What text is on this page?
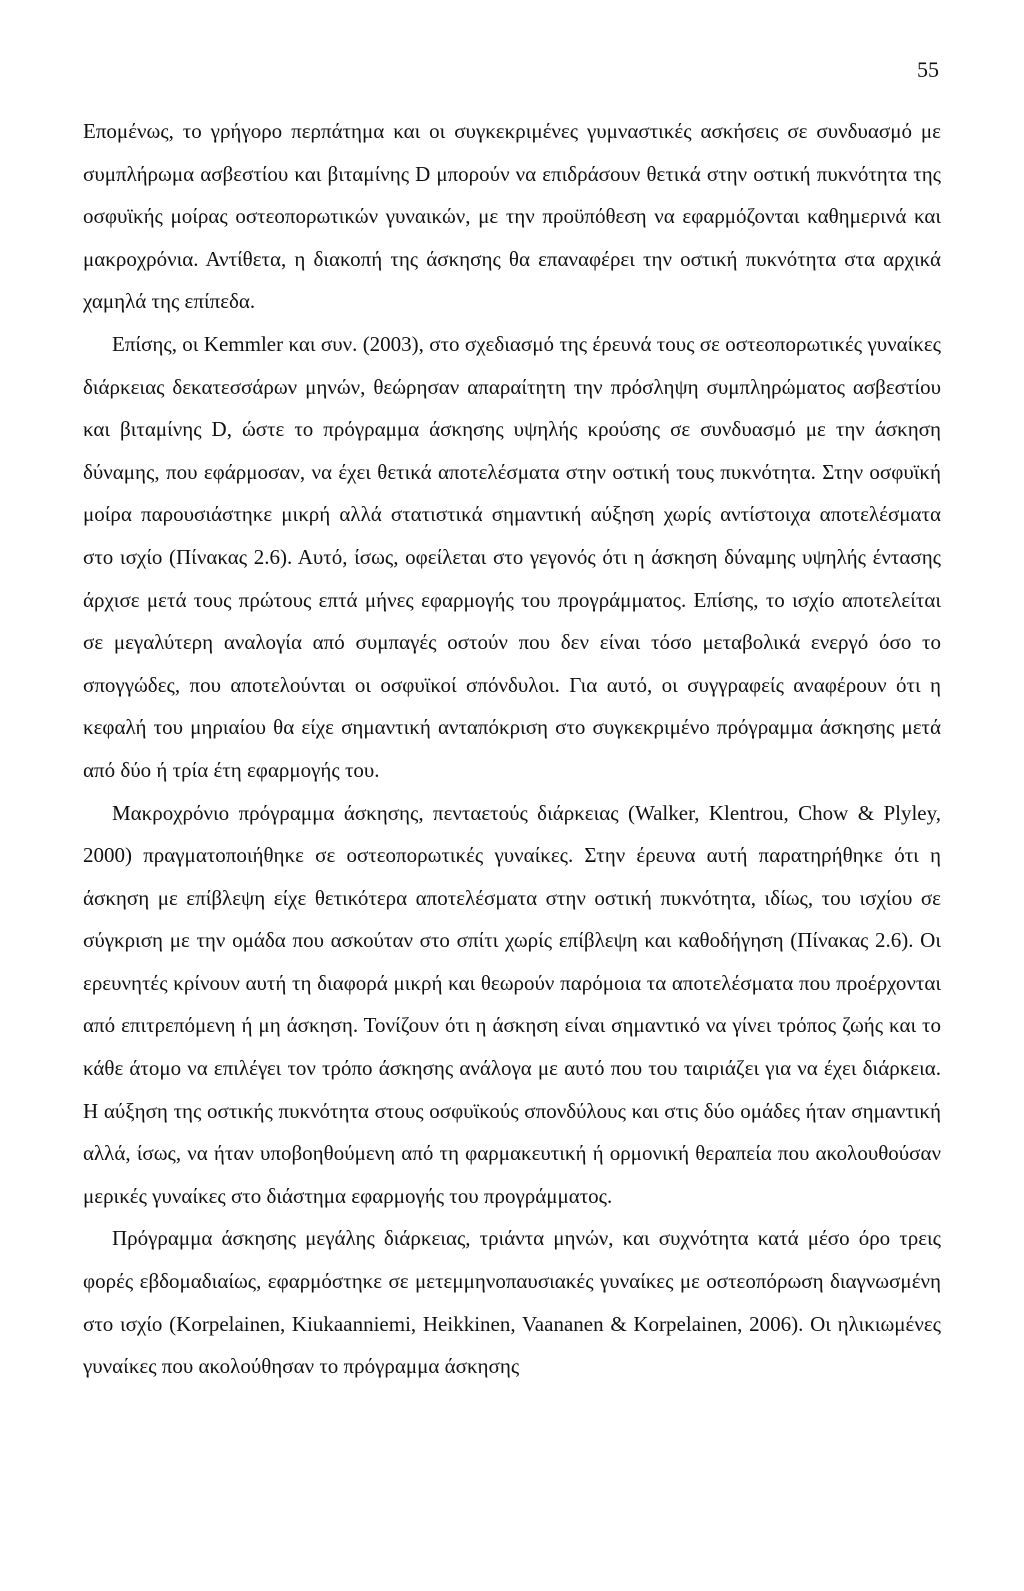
55

Επομένως, το γρήγορο περπάτημα και οι συγκεκριμένες γυμναστικές ασκήσεις σε συνδυασμό με συμπλήρωμα ασβεστίου και βιταμίνης D μπορούν να επιδράσουν θετικά στην οστική πυκνότητα της οσφυϊκής μοίρας οστεοπορωτικών γυναικών, με την προϋπόθεση να εφαρμόζονται καθημερινά και μακροχρόνια. Αντίθετα, η διακοπή της άσκησης θα επαναφέρει την οστική πυκνότητα στα αρχικά χαμηλά της επίπεδα.

Επίσης, οι Kemmler και συν. (2003), στο σχεδιασμό της έρευνά τους σε οστεοπορωτικές γυναίκες διάρκειας δεκατεσσάρων μηνών, θεώρησαν απαραίτητη την πρόσληψη συμπληρώματος ασβεστίου και βιταμίνης D, ώστε το πρόγραμμα άσκησης υψηλής κρούσης σε συνδυασμό με την άσκηση δύναμης, που εφάρμοσαν, να έχει θετικά αποτελέσματα στην οστική τους πυκνότητα. Στην οσφυϊκή μοίρα παρουσιάστηκε μικρή αλλά στατιστικά σημαντική αύξηση χωρίς αντίστοιχα αποτελέσματα στο ισχίο (Πίνακας 2.6). Αυτό, ίσως, οφείλεται στο γεγονός ότι η άσκηση δύναμης υψηλής έντασης άρχισε μετά τους πρώτους επτά μήνες εφαρμογής του προγράμματος. Επίσης, το ισχίο αποτελείται σε μεγαλύτερη αναλογία από συμπαγές οστούν που δεν είναι τόσο μεταβολικά ενεργό όσο το σπογγώδες, που αποτελούνται οι οσφυϊκοί σπόνδυλοι. Για αυτό, οι συγγραφείς αναφέρουν ότι η κεφαλή του μηριαίου θα είχε σημαντική ανταπόκριση στο συγκεκριμένο πρόγραμμα άσκησης μετά από δύο ή τρία έτη εφαρμογής του.

Μακροχρόνιο πρόγραμμα άσκησης, πενταετούς διάρκειας (Walker, Klentrou, Chow & Plyley, 2000) πραγματοποιήθηκε σε οστεοπορωτικές γυναίκες. Στην έρευνα αυτή παρατηρήθηκε ότι η άσκηση με επίβλεψη είχε θετικότερα αποτελέσματα στην οστική πυκνότητα, ιδίως, του ισχίου σε σύγκριση με την ομάδα που ασκούταν στο σπίτι χωρίς επίβλεψη και καθοδήγηση (Πίνακας 2.6). Οι ερευνητές κρίνουν αυτή τη διαφορά μικρή και θεωρούν παρόμοια τα αποτελέσματα που προέρχονται από επιτρεπόμενη ή μη άσκηση. Τονίζουν ότι η άσκηση είναι σημαντικό να γίνει τρόπος ζωής και το κάθε άτομο να επιλέγει τον τρόπο άσκησης ανάλογα με αυτό που του ταιριάζει για να έχει διάρκεια. Η αύξηση της οστικής πυκνότητα στους οσφυϊκούς σπονδύλους και στις δύο ομάδες ήταν σημαντική αλλά, ίσως, να ήταν υποβοηθούμενη από τη φαρμακευτική ή ορμονική θεραπεία που ακολουθούσαν μερικές γυναίκες στο διάστημα εφαρμογής του προγράμματος.

Πρόγραμμα άσκησης μεγάλης διάρκειας, τριάντα μηνών, και συχνότητα κατά μέσο όρο τρεις φορές εβδομαδιαίως, εφαρμόστηκε σε μετεμμηνοπαυσιακές γυναίκες με οστεοπόρωση διαγνωσμένη στο ισχίο (Korpelainen, Kiukaanniemi, Heikkinen, Vaananen & Korpelainen, 2006). Οι ηλικιωμένες γυναίκες που ακολούθησαν το πρόγραμμα άσκησης
